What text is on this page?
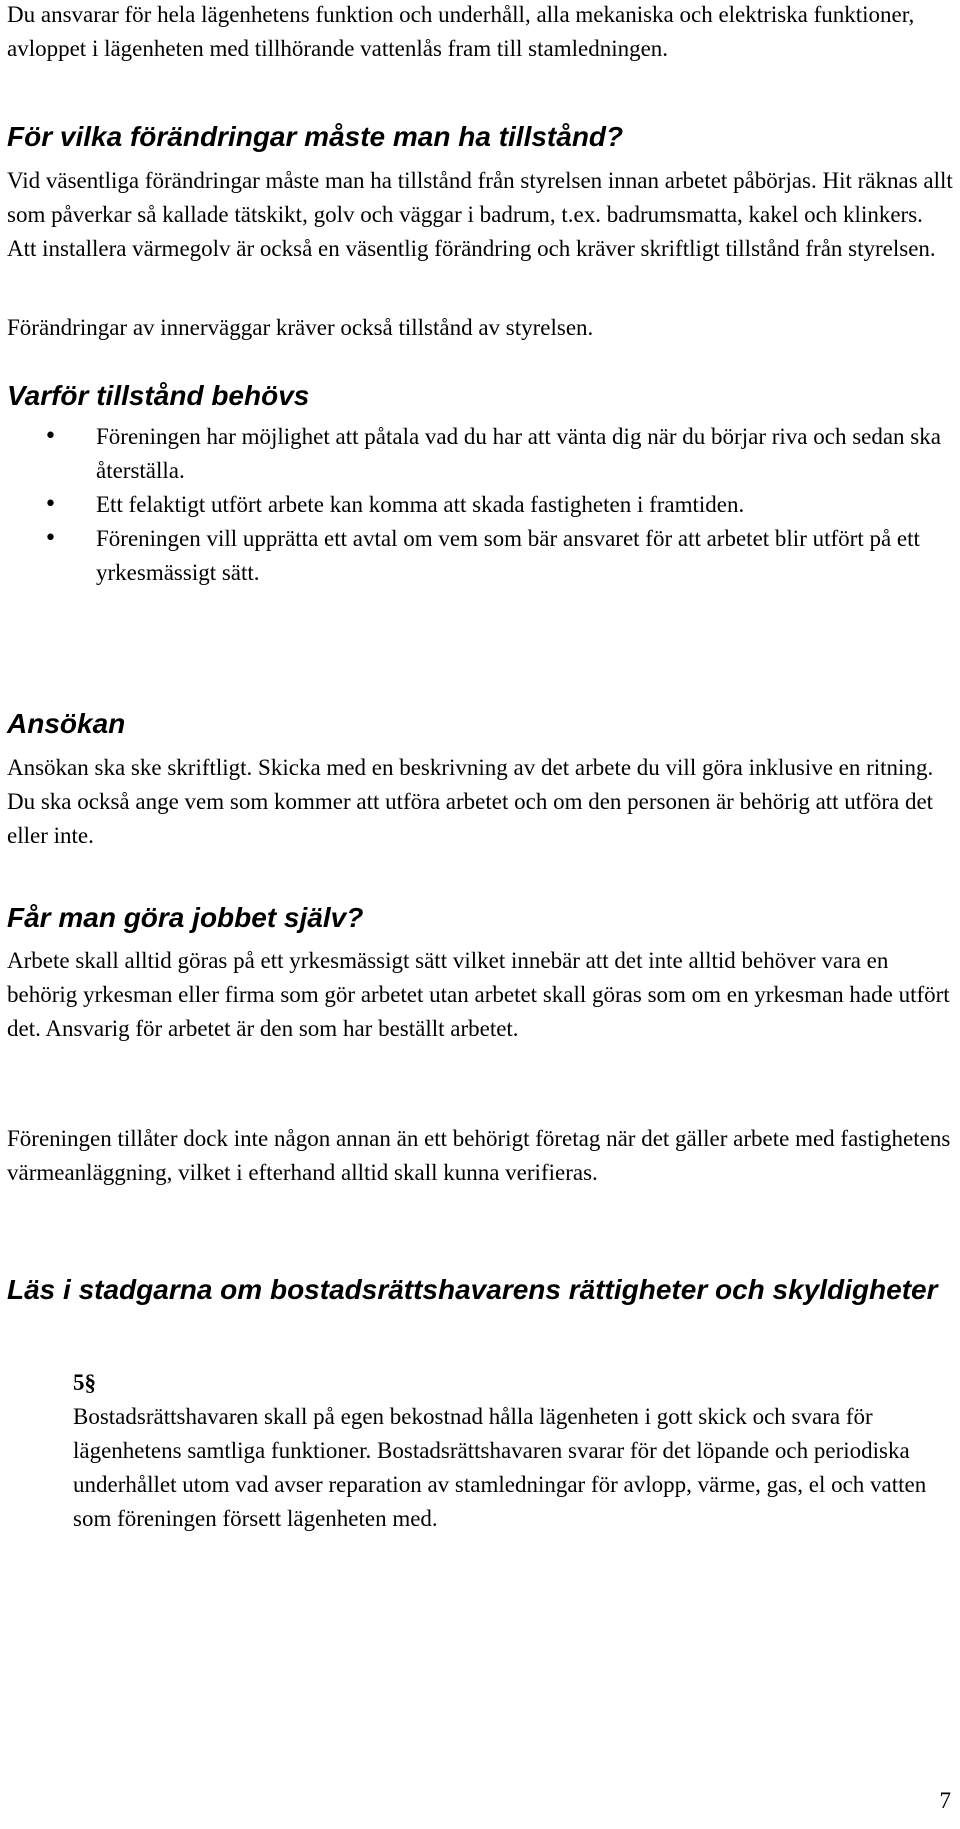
Du ansvarar för hela lägenhetens funktion och underhåll, alla mekaniska och elektriska funktioner, avloppet i lägenheten med tillhörande vattenlås fram till stamledningen.

För vilka förändringar måste man ha tillstånd?

Vid väsentliga förändringar måste man ha tillstånd från styrelsen innan arbetet påbörjas. Hit räknas allt som påverkar så kallade tätskikt, golv och väggar i badrum, t.ex. badrumsmatta, kakel och klinkers. Att installera värmegolv är också en väsentlig förändring och kräver skriftligt tillstånd från styrelsen.

Förändringar av innerväggar kräver också tillstånd av styrelsen.

Varför tillstånd behövs
• Föreningen har möjlighet att påtala vad du har att vänta dig när du börjar riva och sedan ska återställa.
• Ett felaktigt utfört arbete kan komma att skada fastigheten i framtiden.
• Föreningen vill upprätta ett avtal om vem som bär ansvaret för att arbetet blir utfört på ett yrkesmässigt sätt.
Ansökan

Ansökan ska ske skriftligt. Skicka med en beskrivning av det arbete du vill göra inklusive en ritning. Du ska också ange vem som kommer att utföra arbetet och om den personen är behörig att utföra det eller inte.

Får man göra jobbet själv?

Arbete skall alltid göras på ett yrkesmässigt sätt vilket innebär att det inte alltid behöver vara en behörig yrkesman eller firma som gör arbetet utan arbetet skall göras som om en yrkesman hade utfört det. Ansvarig för arbetet är den som har beställt arbetet.

Föreningen tillåter dock inte någon annan än ett behörigt företag när det gäller arbete med fastighetens värmeanläggning, vilket i efterhand alltid skall kunna verifieras.

Läs i stadgarna om bostadsrättshavarens rättigheter och skyldigheter

5§
Bostadsrättshavaren skall på egen bekostnad hålla lägenheten i gott skick och svara för lägenhetens samtliga funktioner. Bostadsrättshavaren svarar för det löpande och periodiska underhållet utom vad avser reparation av stamledningar för avlopp, värme, gas, el och vatten som föreningen försett lägenheten med.

7
